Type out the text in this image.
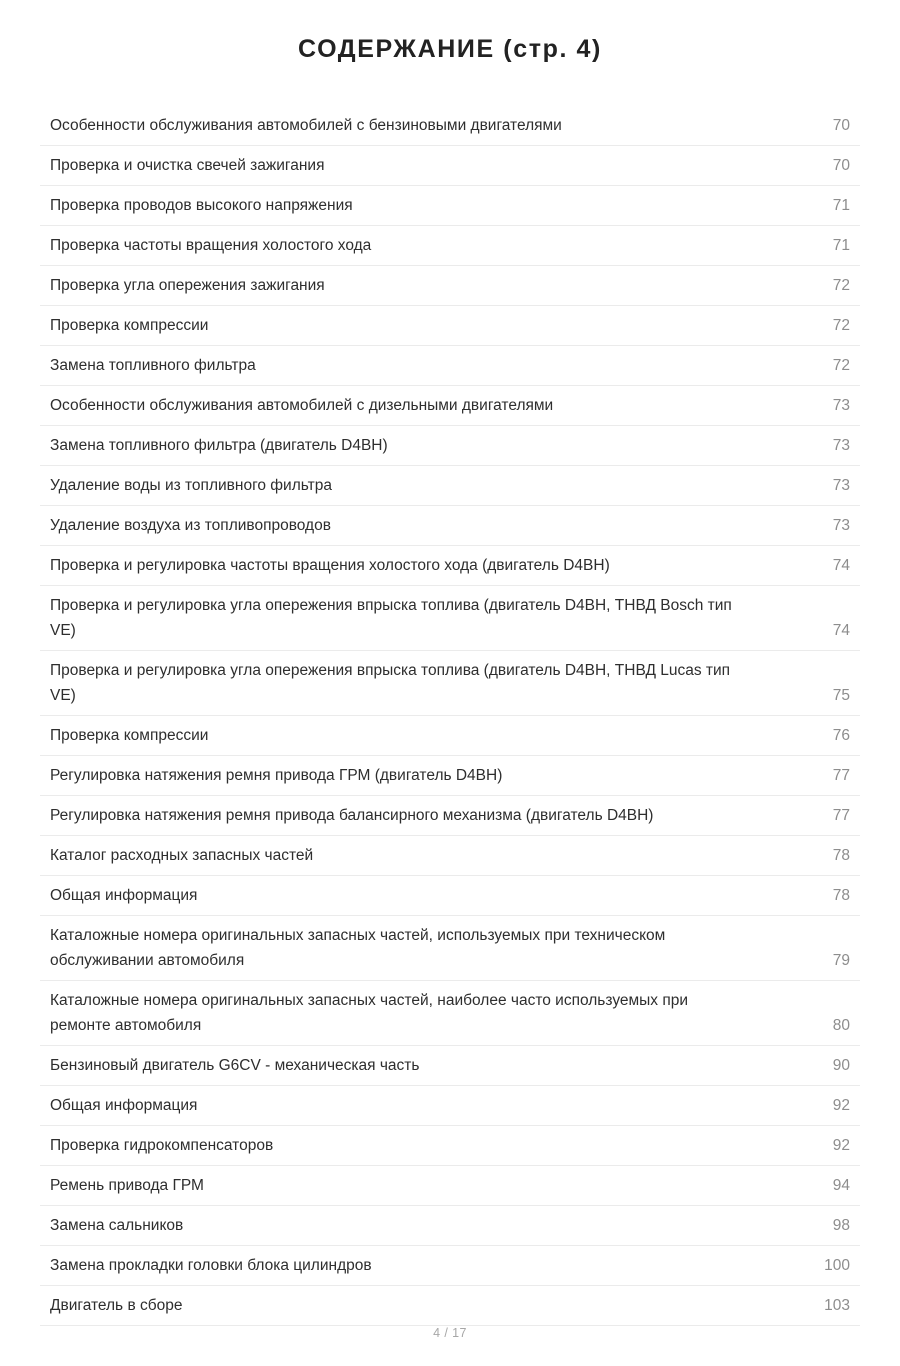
СОДЕРЖАНИЕ (стр. 4)
Особенности обслуживания автомобилей с бензиновыми двигателями	70
Проверка и очистка свечей зажигания	70
Проверка проводов высокого напряжения	71
Проверка частоты вращения холостого хода	71
Проверка угла опережения зажигания	72
Проверка компрессии	72
Замена топливного фильтра	72
Особенности обслуживания автомобилей с дизельными двигателями	73
Замена топливного фильтра (двигатель D4BH)	73
Удаление воды из топливного фильтра	73
Удаление воздуха из топливопроводов	73
Проверка и регулировка частоты вращения холостого хода (двигатель D4BH)	74
Проверка и регулировка угла опережения впрыска топлива (двигатель D4BH, ТНВД Bosch тип VE)	74
Проверка и регулировка угла опережения впрыска топлива (двигатель D4BH, ТНВД Lucas тип VE)	75
Проверка компрессии	76
Регулировка натяжения ремня привода ГРМ (двигатель D4BH)	77
Регулировка натяжения ремня привода балансирного механизма (двигатель D4BH)	77
Каталог расходных запасных частей	78
Общая информация	78
Каталожные номера оригинальных запасных частей, используемых при техническом обслуживании автомобиля	79
Каталожные номера оригинальных запасных частей, наиболее часто используемых при ремонте автомобиля	80
Бензиновый двигатель G6CV - механическая часть	90
Общая информация	92
Проверка гидрокомпенсаторов	92
Ремень привода ГРМ	94
Замена сальников	98
Замена прокладки головки блока цилиндров	100
Двигатель в сборе	103
4 / 17
